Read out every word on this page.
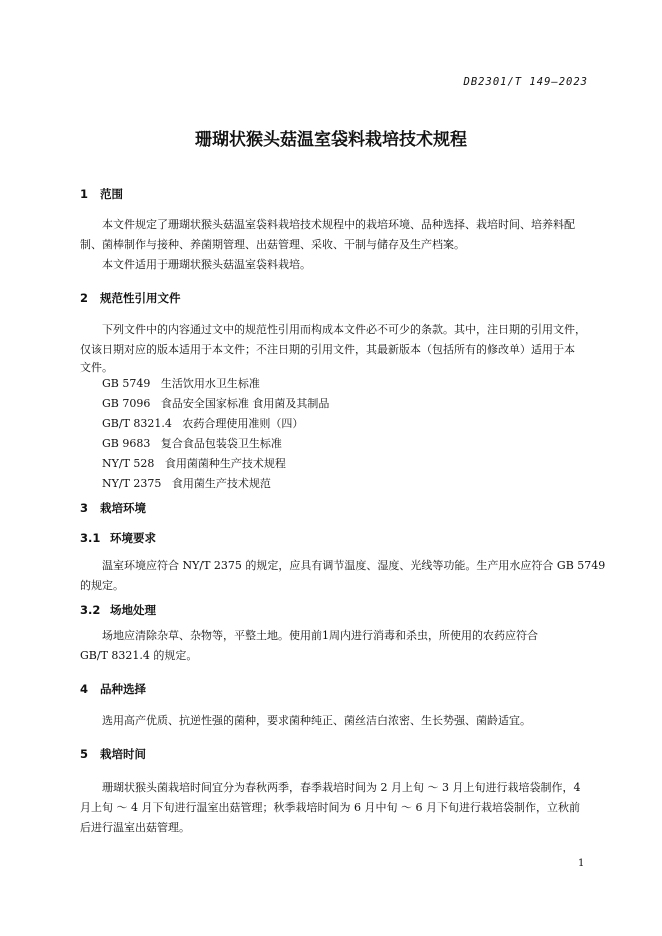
DB2301/T 149—2023
珊瑚状猴头菇温室袋料栽培技术规程
1 范围
本文件规定了珊瑚状猴头菇温室袋料栽培技术规程中的栽培环境、品种选择、栽培时间、培养料配
制、菌棒制作与接种、养菌期管理、出菇管理、采收、干制与储存及生产档案。
本文件适用于珊瑚状猴头菇温室袋料栽培。
2 规范性引用文件
下列文件中的内容通过文中的规范性引用而构成本文件必不可少的条款。其中，注日期的引用文件，
仅该日期对应的版本适用于本文件；不注日期的引用文件，其最新版本（包括所有的修改单）适用于本
文件。
GB 5749 生活饮用水卫生标准
GB 7096 食品安全国家标准 食用菌及其制品
GB/T 8321.4 农药合理使用准则（四）
GB 9683 复合食品包装袋卫生标准
NY/T 528 食用菌菌种生产技术规程
NY/T 2375 食用菌生产技术规范
3 栽培环境
3.1 环境要求
温室环境应符合 NY/T 2375 的规定，应具有调节温度、湿度、光线等功能。生产用水应符合 GB 5749
的规定。
3.2 场地处理
场地应清除杂草、杂物等，平整土地。使用前1周内进行消毒和杀虫，所使用的农药应符合
GB/T 8321.4 的规定。
4 品种选择
选用高产优质、抗逆性强的菌种，要求菌种纯正、菌丝洁白浓密、生长势强、菌龄适宜。
5 栽培时间
珊瑚状猴头菌栽培时间宜分为春秋两季，春季栽培时间为 2 月上旬 ～ 3 月上旬进行栽培袋制作，4
月上旬 ～ 4 月下旬进行温室出菇管理；秋季栽培时间为 6 月中旬 ～ 6 月下旬进行栽培袋制作，立秋前
后进行温室出菇管理。
1
